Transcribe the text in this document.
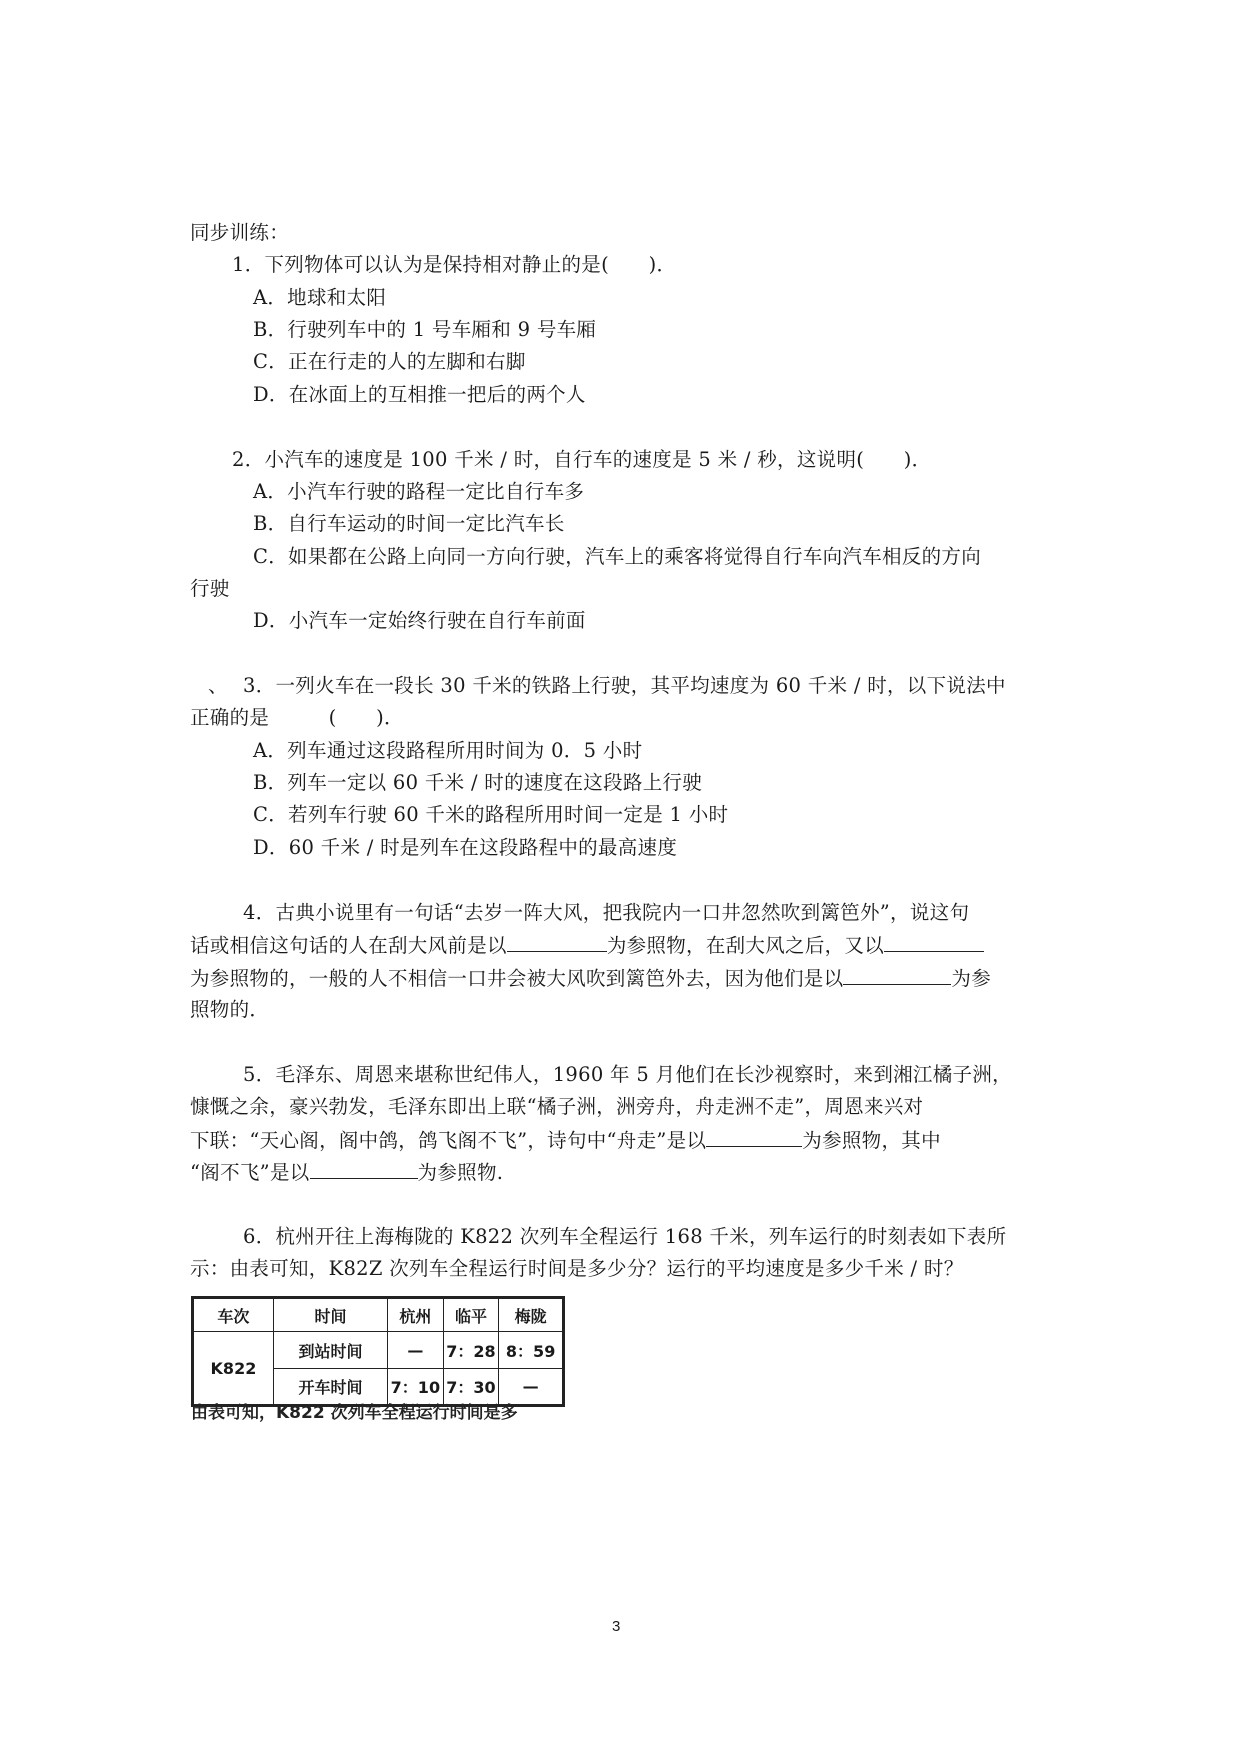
同步训练：
1．下列物体可以认为是保持相对静止的是(　　)．
A．地球和太阳
B．行驶列车中的 1 号车厢和 9 号车厢
C．正在行走的人的左脚和右脚
D．在冰面上的互相推一把后的两个人
2．小汽车的速度是 100 千米 / 时，自行车的速度是 5 米 / 秒，这说明(　　)．
A．小汽车行驶的路程一定比自行车多
B．自行车运动的时间一定比汽车长
C．如果都在公路上向同一方向行驶，汽车上的乘客将觉得自行车向汽车相反的方向
行驶
D．小汽车一定始终行驶在自行车前面
、 3．一列火车在一段长 30 千米的铁路上行驶，其平均速度为 60 千米 / 时，以下说法中
正确的是　　　(　　)．
A．列车通过这段路程所用时间为 0．5 小时
B．列车一定以 60 千米 / 时的速度在这段路上行驶
C．若列车行驶 60 千米的路程所用时间一定是 1 小时
D．60 千米 / 时是列车在这段路程中的最高速度
4．古典小说里有一句话“去岁一阵大风，把我院内一口井忽然吹到篱笆外”，说这句
话或相信这句话的人在刮大风前是以	为参照物，在刮大风之后，又以
为参照物的，一般的人不相信一口井会被大风吹到篱笆外去，因为他们是以	为参
照物的．
5．毛泽东、周恩来堪称世纪伟人，1960 年 5 月他们在长沙视察时，来到湘江橘子洲，
慷慨之余，豪兴勃发，毛泽东即出上联“橘子洲，洲旁舟，舟走洲不走”，周恩来兴对
下联：“天心阁，阁中鸽，鸽飞阁不飞”，诗句中“舟走”是以	为参照物，其中
“阁不飞”是以	为参照物.
6．杭州开往上海梅陇的 K822 次列车全程运行 168 千米，列车运行的时刻表如下表所
示：由表可知，K82Z 次列车全程运行时间是多少分？运行的平均速度是多少千米 / 时？
车次	时间	杭州	临平	梅陇
K822	到站时间	—	7：28	8：59
	开车时间	7：10	7：30	—
由表可知，K822 次列车全程运行时间是多
3
